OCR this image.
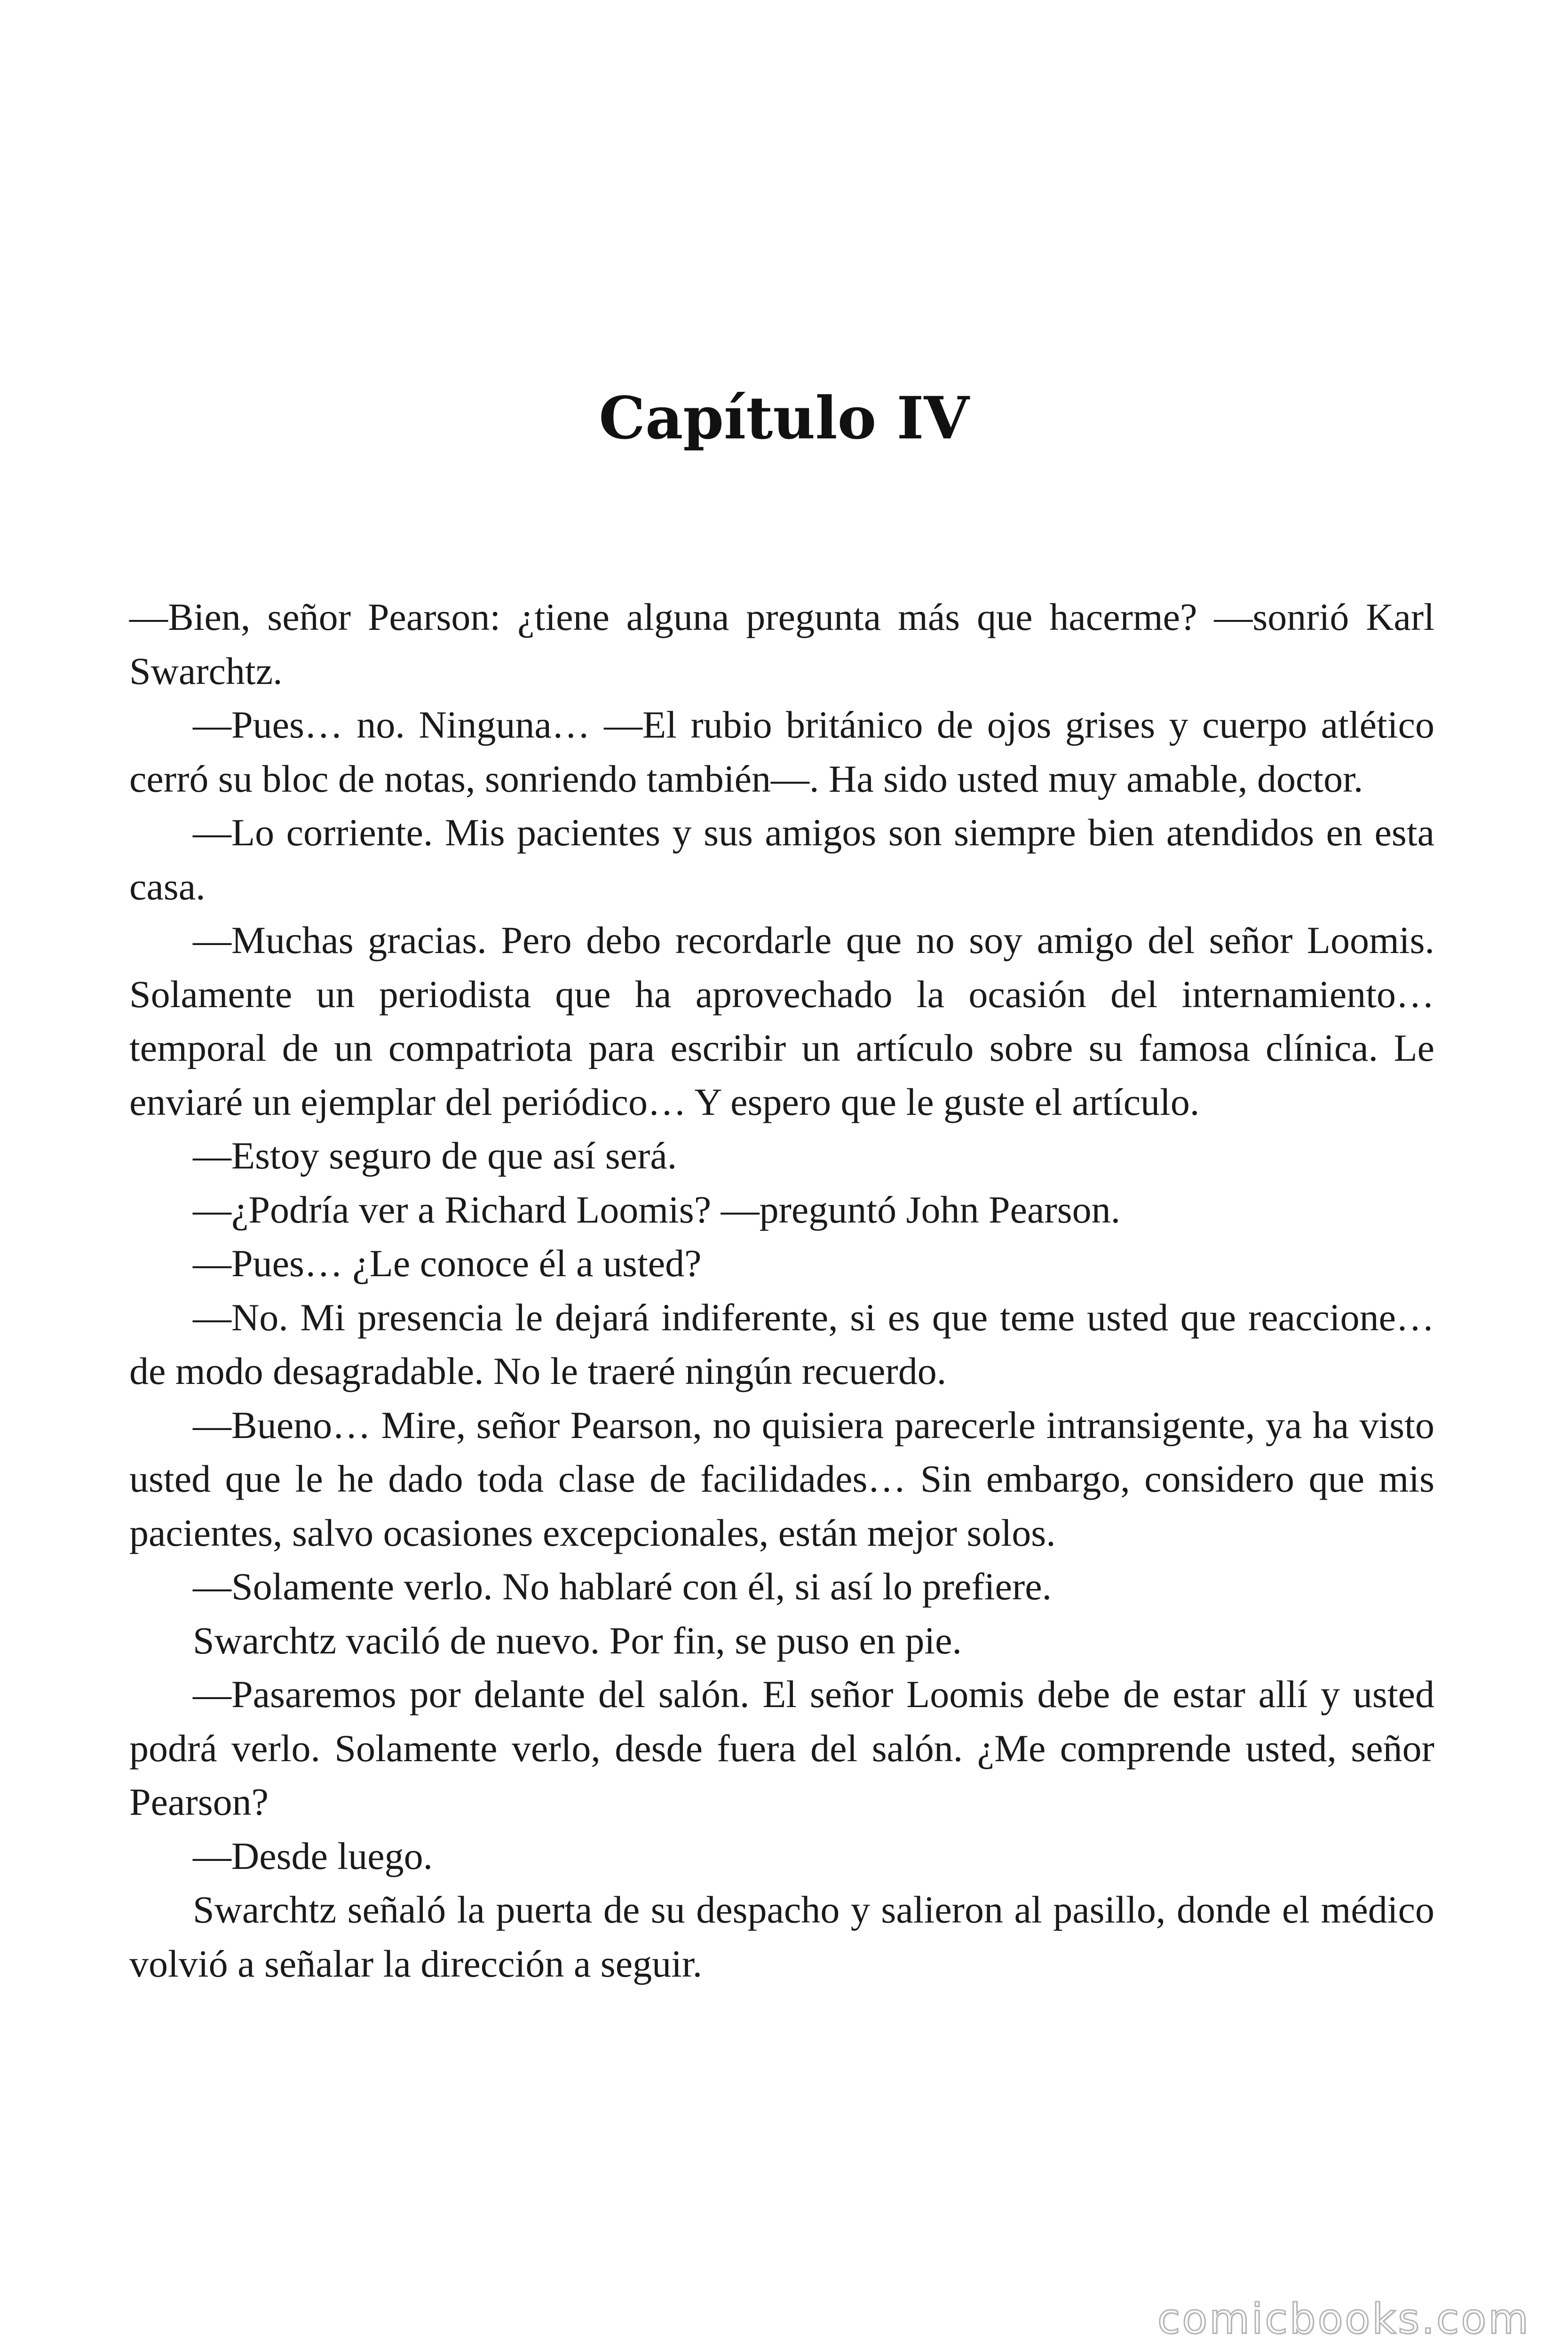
Capítulo IV

—Bien, señor Pearson: ¿tiene alguna pregunta más que hacerme? —sonrió Karl Swarchtz.

—Pues… no. Ninguna… —El rubio británico de ojos grises y cuerpo atlético cerró su bloc de notas, sonriendo también—. Ha sido usted muy amable, doctor.

—Lo corriente. Mis pacientes y sus amigos son siempre bien atendidos en esta casa.

—Muchas gracias. Pero debo recordarle que no soy amigo del señor Loomis. Solamente un periodista que ha aprovechado la ocasión del internamiento… temporal de un compatriota para escribir un artículo sobre su famosa clínica. Le enviaré un ejemplar del periódico… Y espero que le guste el artículo.

—Estoy seguro de que así será.

—¿Podría ver a Richard Loomis? —preguntó John Pearson.

—Pues… ¿Le conoce él a usted?

—No. Mi presencia le dejará indiferente, si es que teme usted que reaccione… de modo desagradable. No le traeré ningún recuerdo.

—Bueno… Mire, señor Pearson, no quisiera parecerle intransigente, ya ha visto usted que le he dado toda clase de facilidades… Sin embargo, considero que mis pacientes, salvo ocasiones excepcionales, están mejor solos.

—Solamente verlo. No hablaré con él, si así lo prefiere.

Swarchtz vaciló de nuevo. Por fin, se puso en pie.

—Pasaremos por delante del salón. El señor Loomis debe de estar allí y usted podrá verlo. Solamente verlo, desde fuera del salón. ¿Me comprende usted, señor Pearson?

—Desde luego.

Swarchtz señaló la puerta de su despacho y salieron al pasillo, donde el médico volvió a señalar la dirección a seguir.

comicbooks.com
